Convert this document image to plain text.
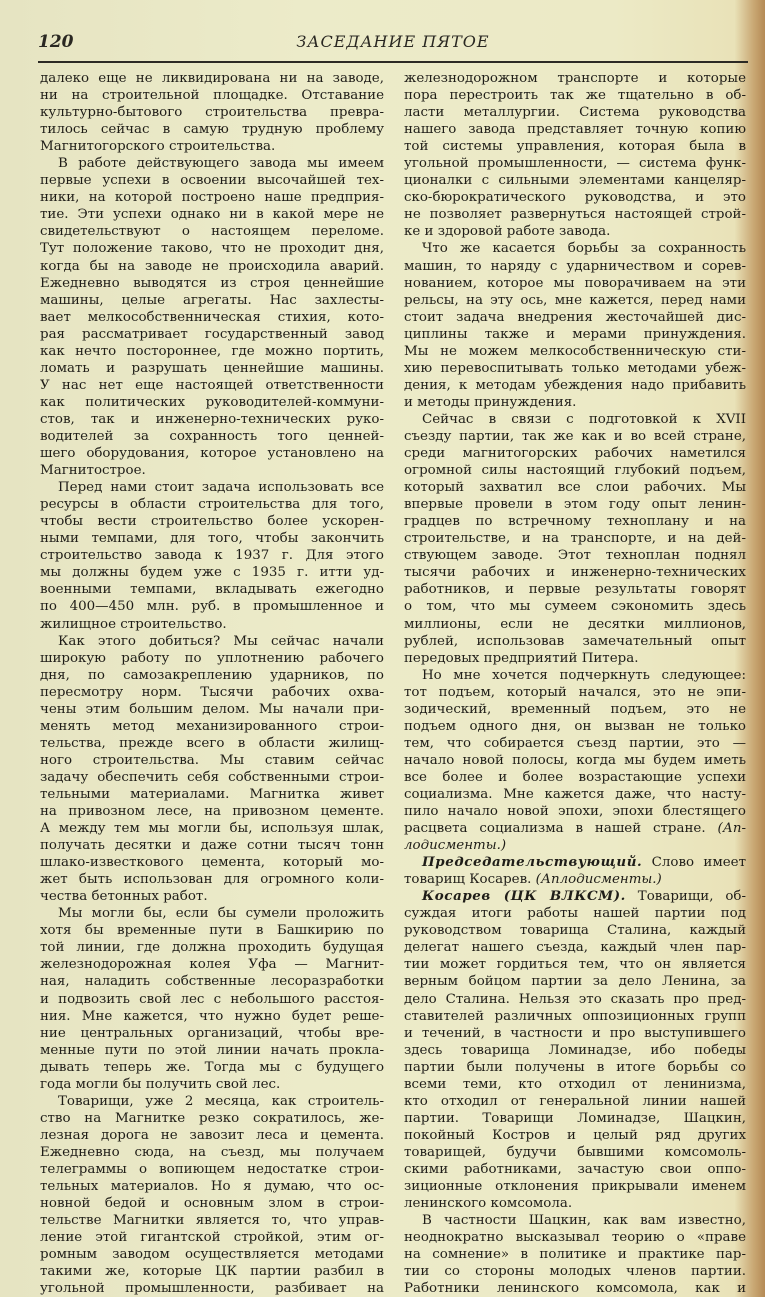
120	ЗАСЕДАНИЕ ПЯТОЕ
далеко еще не ликвидирована ни на заводе,
ни на строительной площадке. Отставание
культурно-бытового строительства превра-
тилось сейчас в самую трудную проблему
Магнитогорского строительства.
В работе действующего завода мы имеем
первые успехи в освоении высочайшей тех-
ники, на которой построено наше предприя-
тие. Эти успехи однако ни в какой мере не
свидетельствуют о настоящем переломе.
Тут положение таково, что не проходит дня,
когда бы на заводе не происходила аварий.
Ежедневно выводятся из строя ценнейшие
машины, целые агрегаты. Нас захлесты-
вает мелкособственническая стихия, кото-
рая рассматривает государственный завод
как нечто постороннее, где можно портить,
ломать и разрушать ценнейшие машины.
У нас нет еще настоящей ответственности
как политических руководителей-коммуни-
стов, так и инженерно-технических руко-
водителей за сохранность того ценней-
шего оборудования, которое установлено на
Магнитострое.
Перед нами стоит задача использовать все
ресурсы в области строительства для того,
чтобы вести строительство более ускорен-
ными темпами, для того, чтобы закончить
строительство завода к 1937 г. Для этого
мы должны будем уже с 1935 г. итти уд-
военными темпами, вкладывать ежегодно
по 400—450 млн. руб. в промышленное и
жилищное строительство.
Как этого добиться? Мы сейчас начали
широкую работу по уплотнению рабочего
дня, по самозакреплению ударников, по
пересмотру норм. Тысячи рабочих охва-
чены этим большим делом. Мы начали при-
менять метод механизированного строи-
тельства, прежде всего в области жилищ-
ного строительства. Мы ставим сейчас
задачу обеспечить себя собственными строи-
тельными материалами. Магнитка живет
на привозном лесе, на привозном цементе.
А между тем мы могли бы, используя шлак,
получать десятки и даже сотни тысяч тонн
шлако-известкового цемента, который мо-
жет быть использован для огромного коли-
чества бетонных работ.
Мы могли бы, если бы сумели проложить
хотя бы временные пути в Башкирию по
той линии, где должна проходить будущая
железнодорожная колея Уфа — Магнит-
ная, наладить собственные лесоразработки
и подвозить свой лес с небольшого расстоя-
ния. Мне кажется, что нужно будет реше-
ние центральных организаций, чтобы вре-
менные пути по этой линии начать прокла-
дывать теперь же. Тогда мы с будущего
года могли бы получить свой лес.
Товарищи, уже 2 месяца, как строитель-
ство на Магнитке резко сократилось, же-
лезная дорога не завозит леса и цемента.
Ежедневно сюда, на съезд, мы получаем
телеграммы о вопиющем недостатке строи-
тельных материалов. Но я думаю, что ос-
новной бедой и основным злом в строи-
тельстве Магнитки является то, что управ-
ление этой гигантской стройкой, этим ог-
ромным заводом осуществляется методами
такими же, которые ЦК партии разбил в
угольной промышленности, разбивает на
железнодорожном транспорте и которые
пора перестроить так же тщательно в об-
ласти металлургии. Система руководства
нашего завода представляет точную копию
той системы управления, которая была в
угольной промышленности, — система функ-
ционалки с сильными элементами канцеляр-
ско-бюрократического руководства, и это
не позволяет развернуться настоящей строй-
ке и здоровой работе завода.
Что же касается борьбы за сохранность
машин, то наряду с ударничеством и сорев-
нованием, которое мы поворачиваем на эти
рельсы, на эту ось, мне кажется, перед нами
стоит задача внедрения жесточайшей дис-
циплины также и мерами принуждения.
Мы не можем мелкособственническую сти-
хию перевоспитывать только методами убеж-
дения, к методам убеждения надо прибавить
и методы принуждения.
Сейчас в связи с подготовкой к XVII
съезду партии, так же как и во всей стране,
среди магнитогорских рабочих наметился
огромной силы настоящий глубокий подъем,
который захватил все слои рабочих. Мы
впервые провели в этом году опыт ленин-
градцев по встречному техноплану и на
строительстве, и на транспорте, и на дей-
ствующем заводе. Этот техноплан поднял
тысячи рабочих и инженерно-технических
работников, и первые результаты говорят
о том, что мы сумеем сэкономить здесь
миллионы, если не десятки миллионов,
рублей, использовав замечательный опыт
передовых предприятий Питера.
Но мне хочется подчеркнуть следующее:
тот подъем, который начался, это не эпи-
зодический, временный подъем, это не
подъем одного дня, он вызван не только
тем, что собирается съезд партии, это —
начало новой полосы, когда мы будем иметь
все более и более возрастающие успехи
социализма. Мне кажется даже, что насту-
пило начало новой эпохи, эпохи блестящего
расцвета социализма в нашей стране. (Ап-
лодисменты.)
Председательствующий. Слово имеет
товарищ Косарев. (Аплодисменты.)
Косарев (ЦК ВЛКСМ). Товарищи, об-
суждая итоги работы нашей партии под
руководством товарища Сталина, каждый
делегат нашего съезда, каждый член пар-
тии может гордиться тем, что он является
верным бойцом партии за дело Ленина, за
дело Сталина. Нельзя это сказать про пред-
ставителей различных оппозиционных групп
и течений, в частности и про выступившего
здесь товарища Ломинадзе, ибо победы
партии были получены в итоге борьбы со
всеми теми, кто отходил от ленинизма,
кто отходил от генеральной линии нашей
партии. Товарищи Ломинадзе, Шацкин,
покойный Костров и целый ряд других
товарищей, будучи бывшими комсомоль-
скими работниками, зачастую свои оппо-
зиционные отклонения прикрывали именем
ленинского комсомола.
В частности Шацкин, как вам известно,
неоднократно высказывал теорию о «праве
на сомнение» в политике и практике пар-
тии со стороны молодых членов партии.
Работники ленинского комсомола, как и
